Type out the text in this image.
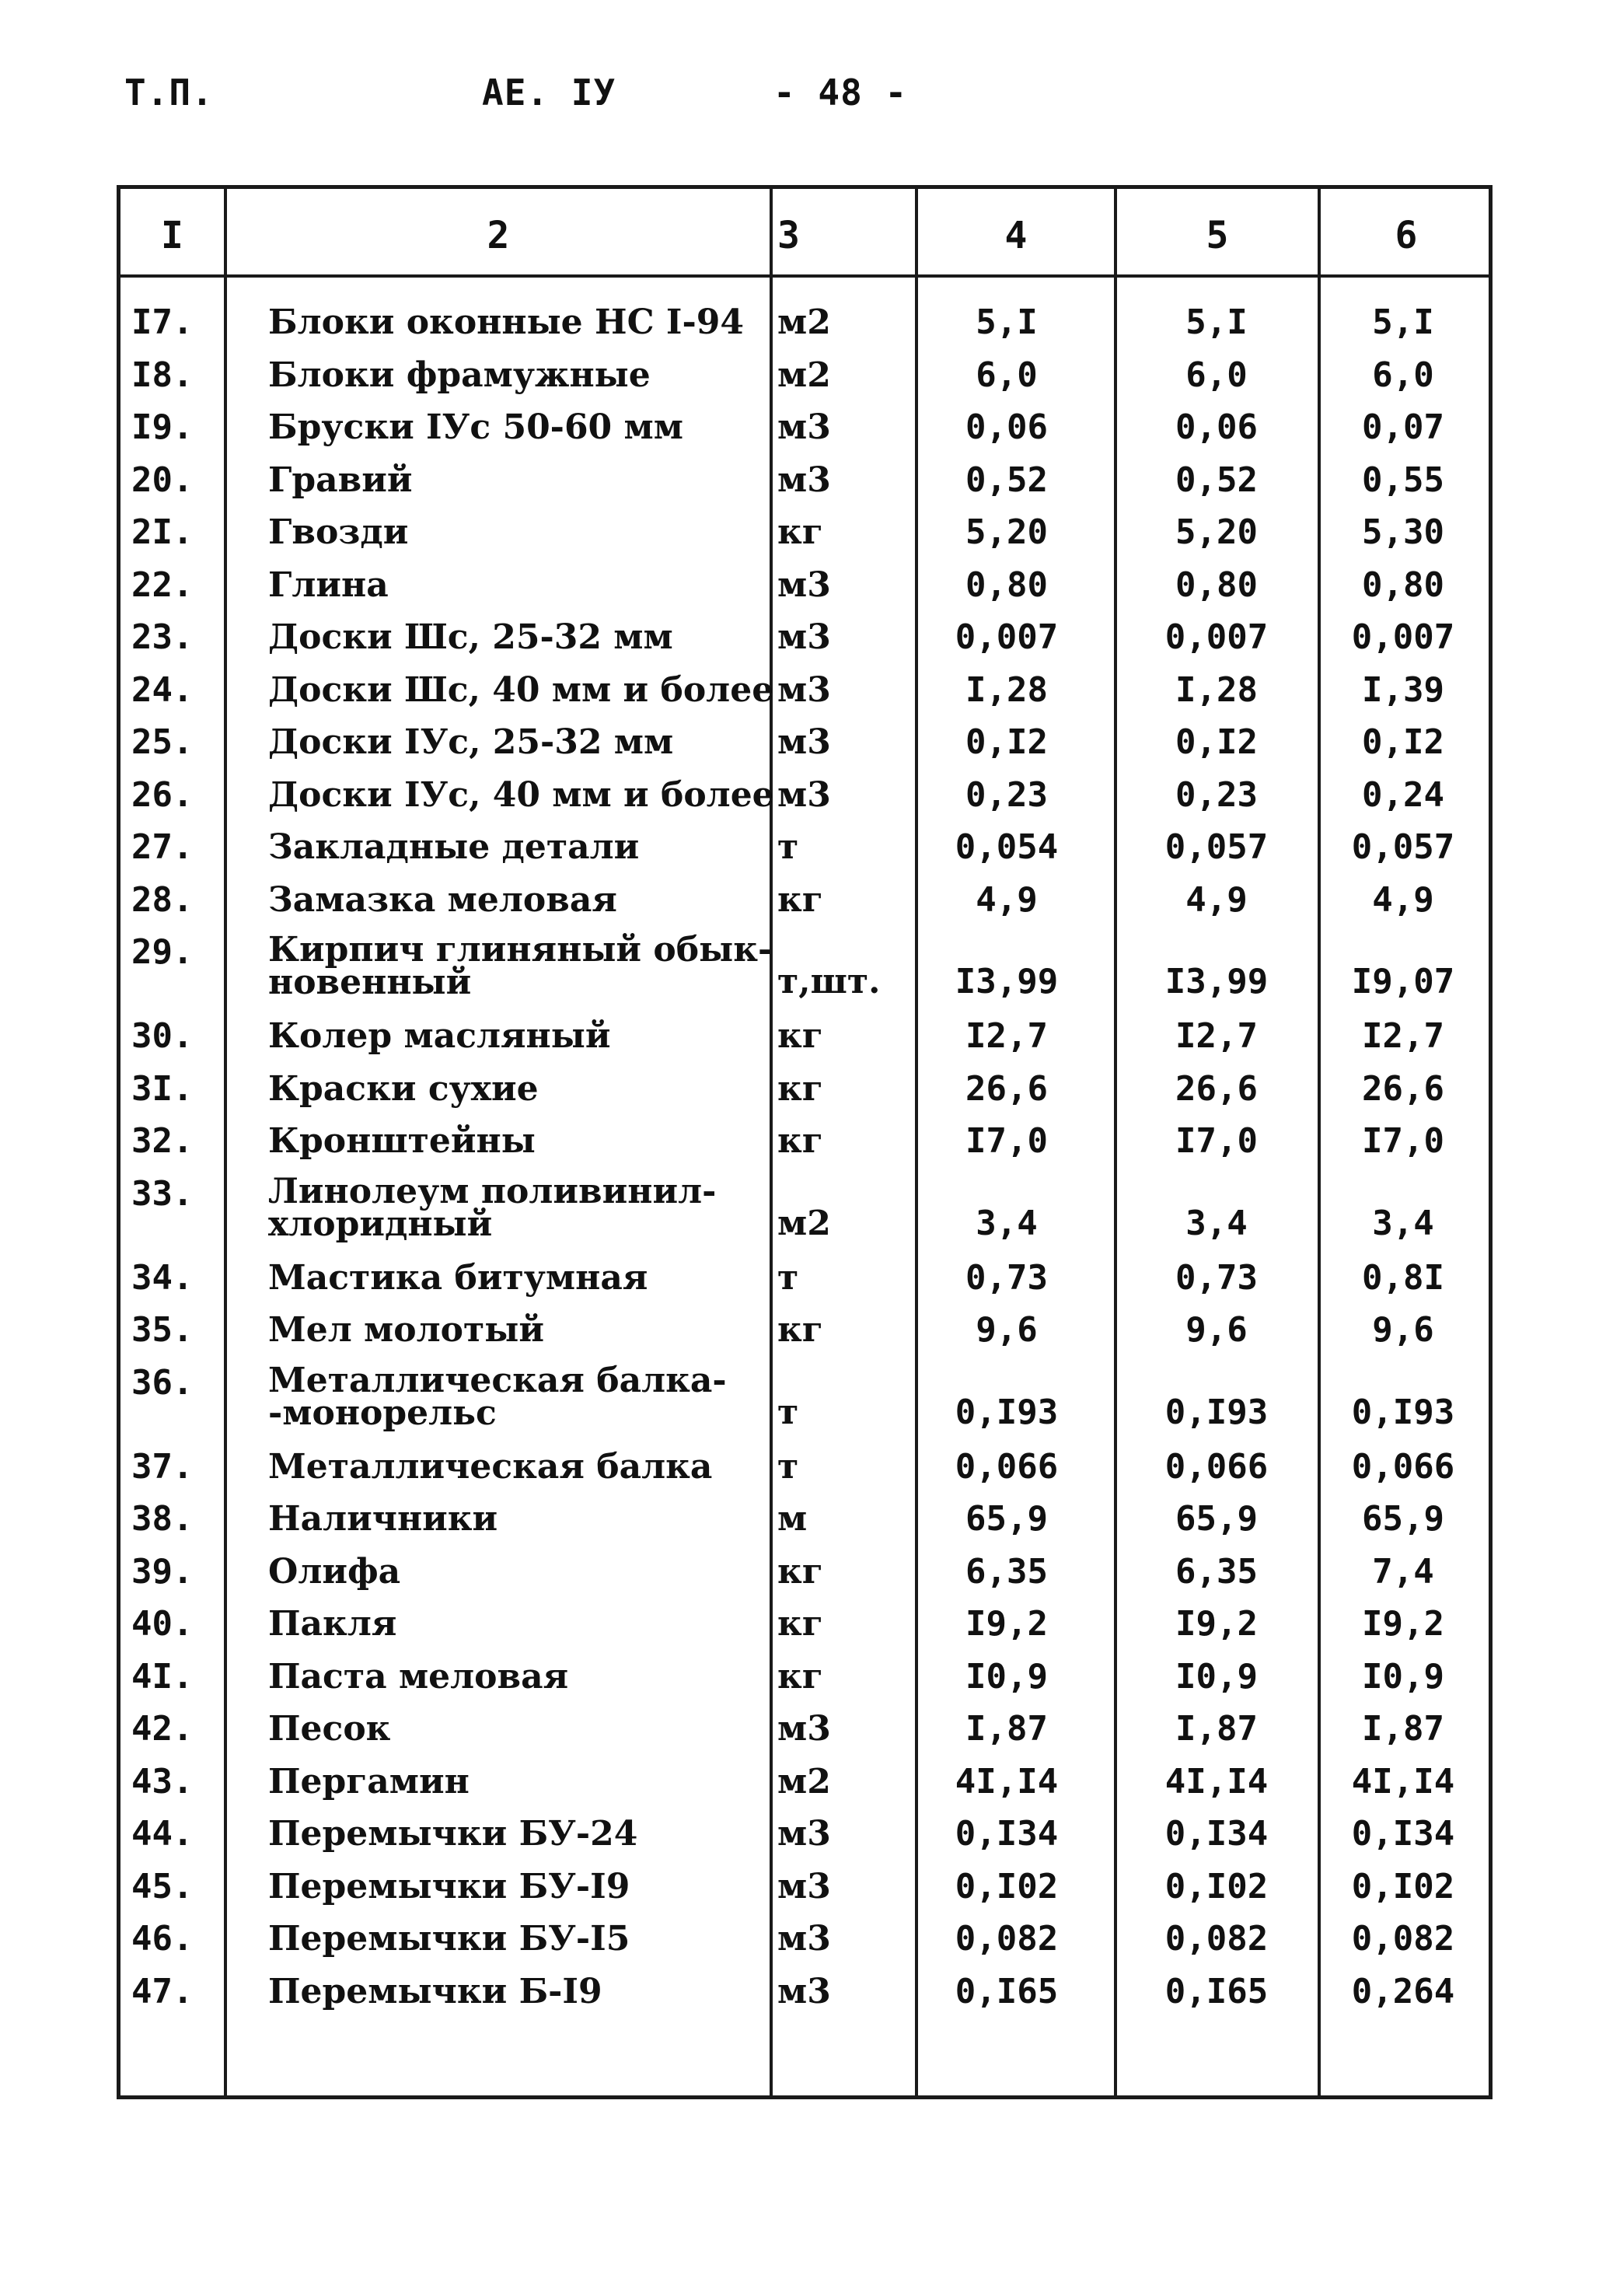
Т.П.	АЕ. IУ	- 48 -
I	2	3	4	5	6
I7.	Блоки оконные НС I-94 м2	5,I	5,I	5,I
I8.	Блоки фрамужные	м2	6,0	6,0	6,0
I9.	Бруски IУс 50-60 мм	м3	0,06	0,06	0,07
20.	Гравий	м3	0,52	0,52	0,55
2I.	Гвозди	кг	5,20	5,20	5,30
22.	Глина	м3	0,80	0,80	0,80
23.	Доски Шс, 25-32 мм	м3	0,007	0,007	0,007
24.	Доски Шс, 40 мм и более м3	I,28	I,28	I,39
25.	Доски IУс, 25-32 мм	м3	0,I2	0,I2	0,I2
26.	Доски IУс, 40 мм и более м3	0,23	0,23	0,24
27.	Закладные детали	т	0,054	0,057	0,057
28.	Замазка меловая	кг	4,9	4,9	4,9
29.	Кирпич глиняный обык-
новенный	т,шт.	I3,99	I3,99	I9,07
30.	Колер масляный	кг	I2,7	I2,7	I2,7
3I.	Краски сухие	кг	26,6	26,6	26,6
32.	Кронштейны	кг	I7,0	I7,0	I7,0
33.	Линолеум поливинил-
хлоридный	м2	3,4	3,4	3,4
34.	Мастика битумная	т	0,73	0,73	0,8I
35.	Мел молотый	кг	9,6	9,6	9,6
36.	Металлическая балка-
-монорельс	т	0,I93	0,I93	0,I93
37.	Металлическая балка	т	0,066	0,066	0,066
38.	Наличники	м	65,9	65,9	65,9
39.	Олифа	кг	6,35	6,35	7,4
40.	Пакля	кг	I9,2	I9,2	I9,2
4I.	Паста меловая	кг	I0,9	I0,9	I0,9
42.	Песок	м3	I,87	I,87	I,87
43.	Пергамин	м2	4I,I4	4I,I4	4I,I4
44.	Перемычки БУ-24	м3	0,I34	0,I34	0,I34
45.	Перемычки БУ-I9	м3	0,I02	0,I02	0,I02
46.	Перемычки БУ-I5	м3	0,082	0,082	0,082
47.	Перемычки Б-I9	м3	0,I65	0,I65	0,264
